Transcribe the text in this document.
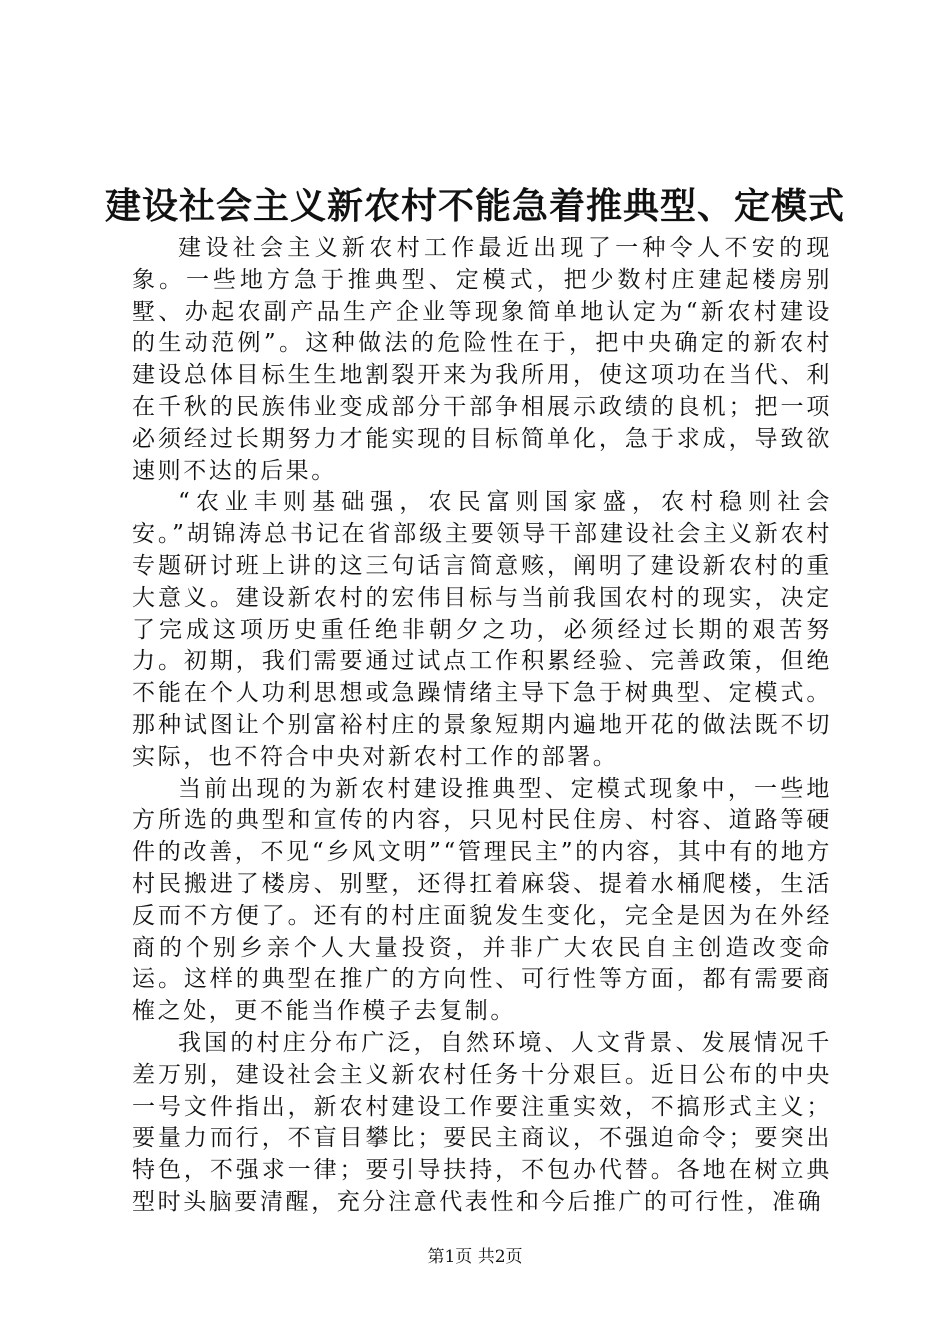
建设社会主义新农村不能急着推典型、定模式

建设社会主义新农村工作最近出现了一种令人不安的现象。一些地方急于推典型、定模式，把少数村庄建起楼房别墅、办起农副产品生产企业等现象简单地认定为“新农村建设的生动范例”。这种做法的危险性在于，把中央确定的新农村建设总体目标生生地割裂开来为我所用，使这项功在当代、利在千秋的民族伟业变成部分干部争相展示政绩的良机；把一项必须经过长期努力才能实现的目标简单化，急于求成，导致欲速则不达的后果。

“农业丰则基础强，农民富则国家盛，农村稳则社会安。”胡锦涛总书记在省部级主要领导干部建设社会主义新农村专题研讨班上讲的这三句话言简意赅，阐明了建设新农村的重大意义。建设新农村的宏伟目标与当前我国农村的现实，决定了完成这项历史重任绝非朝夕之功，必须经过长期的艰苦努力。初期，我们需要通过试点工作积累经验、完善政策，但绝不能在个人功利思想或急躁情绪主导下急于树典型、定模式。那种试图让个别富裕村庄的景象短期内遍地开花的做法既不切实际，也不符合中央对新农村工作的部署。

当前出现的为新农村建设推典型、定模式现象中，一些地方所选的典型和宣传的内容，只见村民住房、村容、道路等硬件的改善，不见“乡风文明”“管理民主”的内容，其中有的地方村民搬进了楼房、别墅，还得扛着麻袋、提着水桶爬楼，生活反而不方便了。还有的村庄面貌发生变化，完全是因为在外经商的个别乡亲个人大量投资，并非广大农民自主创造改变命运。这样的典型在推广的方向性、可行性等方面，都有需要商榷之处，更不能当作模子去复制。

我国的村庄分布广泛，自然环境、人文背景、发展情况千差万别，建设社会主义新农村任务十分艰巨。近日公布的中央一号文件指出，新农村建设工作要注重实效，不搞形式主义；要量力而行，不盲目攀比；要民主商议，不强迫命令；要突出特色，不强求一律；要引导扶持，不包办代替。各地在树立典型时头脑要清醒，充分注意代表性和今后推广的可行性，准确

第1页 共2页
